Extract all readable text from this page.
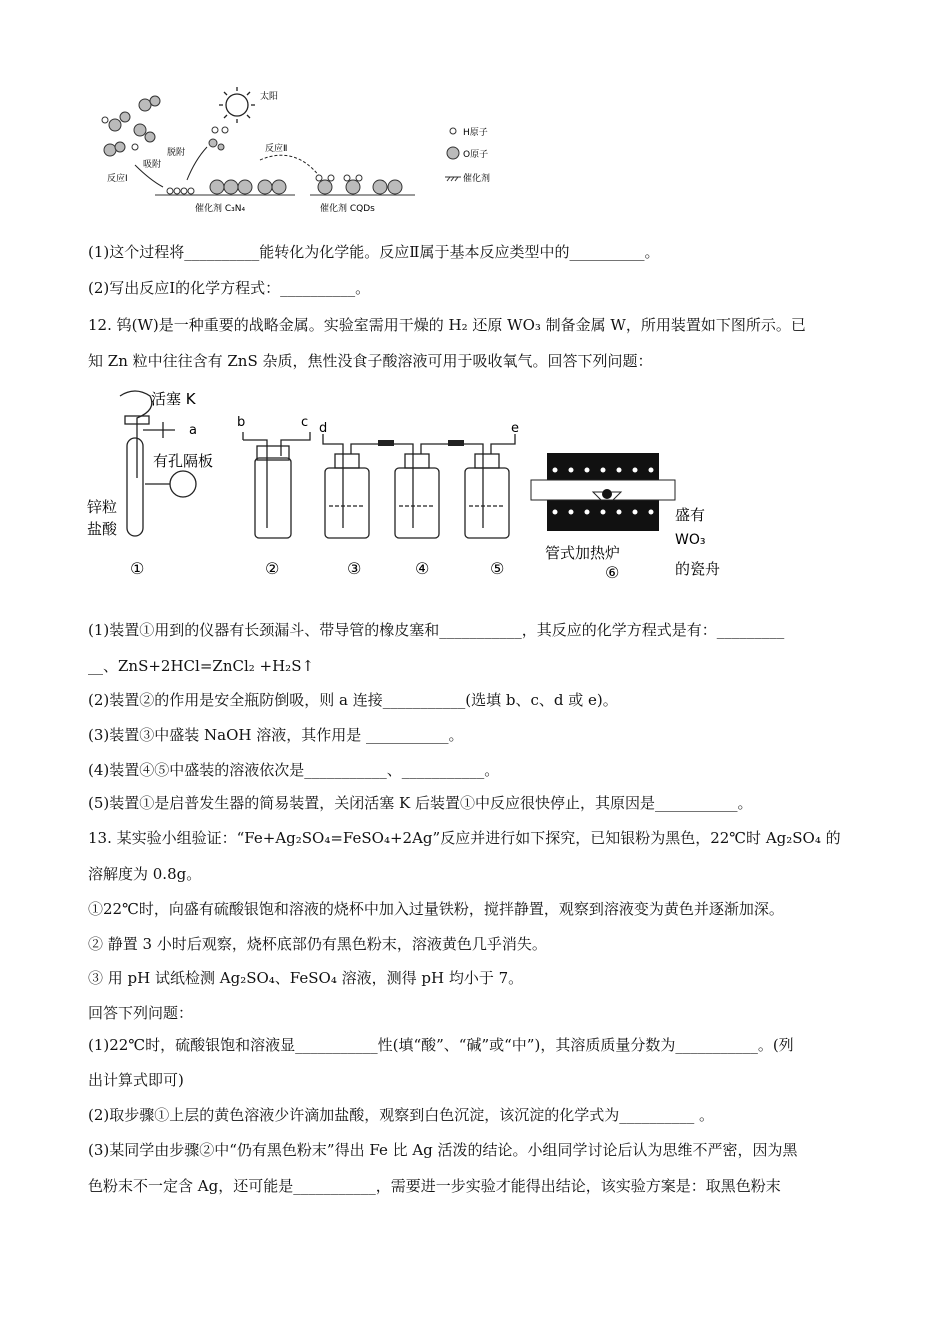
太阳
脱附
吸附
反应Ⅰ
反应Ⅱ
催化剂 C₃N₄	催化剂 CQDs
H原子
O原子
催化剂
(1)这个过程将__________能转化为化学能。反应Ⅱ属于基本反应类型中的__________。
(2)写出反应Ⅰ的化学方程式：__________。
12. 钨(W)是一种重要的战略金属。实验室需用干燥的 H₂ 还原 WO₃ 制备金属 W，所用装置如下图所示。已
知 Zn 粒中往往含有 ZnS 杂质，焦性没食子酸溶液可用于吸收氧气。回答下列问题：
活塞 K
a
有孔隔板
锌粒
盐酸
b	c d	e
管式加热炉
盛有
WO₃
的瓷舟
①	②	③	④	⑤	⑥
(1)装置①用到的仪器有长颈漏斗、带导管的橡皮塞和___________，其反应的化学方程式是有：_________
__、ZnS+2HCl=ZnCl₂ +H₂S↑
(2)装置②的作用是安全瓶防倒吸，则 a 连接___________(选填 b、c、d 或 e)。
(3)装置③中盛装 NaOH 溶液，其作用是 ___________。
(4)装置④⑤中盛装的溶液依次是___________、___________。
(5)装置①是启普发生器的简易装置，关闭活塞 K 后装置①中反应很快停止，其原因是___________。
13. 某实验小组验证：“Fe+Ag₂SO₄=FeSO₄+2Ag”反应并进行如下探究，已知银粉为黑色，22℃时 Ag₂SO₄ 的
溶解度为 0.8g。
①22℃时，向盛有硫酸银饱和溶液的烧杯中加入过量铁粉，搅拌静置，观察到溶液变为黄色并逐渐加深。
② 静置 3 小时后观察，烧杯底部仍有黑色粉末，溶液黄色几乎消失。
③ 用 pH 试纸检测 Ag₂SO₄、FeSO₄ 溶液，测得 pH 均小于 7。
回答下列问题：
(1)22℃时，硫酸银饱和溶液显___________性(填“酸”、“碱”或“中”)，其溶质质量分数为___________。(列
出计算式即可)
(2)取步骤①上层的黄色溶液少许滴加盐酸，观察到白色沉淀，该沉淀的化学式为__________ 。
(3)某同学由步骤②中“仍有黑色粉末”得出 Fe 比 Ag 活泼的结论。小组同学讨论后认为思维不严密，因为黑
色粉末不一定含 Ag，还可能是___________，需要进一步实验才能得出结论，该实验方案是：取黑色粉末
